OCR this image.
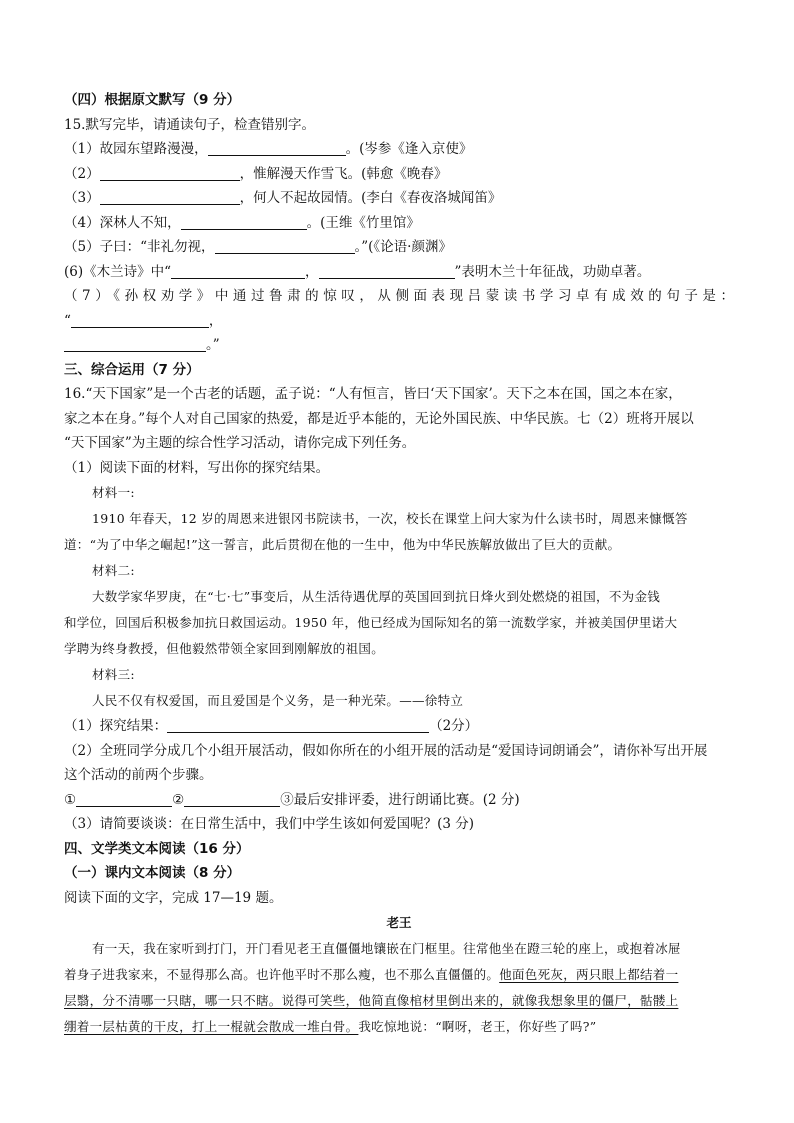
（四）根据原文默写（9 分）
15.默写完毕，请通读句子，检查错别字。
（1）故园东望路漫漫，	。(岑参《逢入京使》
（2）	，惟解漫天作雪飞。(韩愈《晚春》
（3）	，何人不起故园情。(李白《春夜洛城闻笛》
（4）深林人不知，	。(王维《竹里馆》
（5）子曰：“非礼勿视，	。”(《论语·颜渊》
(6)《木兰诗》中“	，	”表明木兰十年征战，功勋卓著。
（7）《孙权劝学》中通过鲁肃的惊叹，从侧面表现吕蒙读书学习卓有成效的句子是：
“	，
。”
三、综合运用（7 分）
16.“天下国家”是一个古老的话题，孟子说：“人有恒言，皆曰‘天下国家’。天下之本在国，国之本在家，
家之本在身。”每个人对自己国家的热爱，都是近乎本能的，无论外国民族、中华民族。七（2）班将开展以
“天下国家”为主题的综合性学习活动，请你完成下列任务。
（1）阅读下面的材料，写出你的探究结果。
材料一:
1910 年春天，12 岁的周恩来进银冈书院读书，一次，校长在课堂上问大家为什么读书时，周恩来慷慨答
道：“为了中华之崛起!”这一誓言，此后贯彻在他的一生中，他为中华民族解放做出了巨大的贡献。
材料二:
大数学家华罗庚，在“七·七”事变后，从生活待遇优厚的英国回到抗日烽火到处燃烧的祖国，不为金钱
和学位，回国后积极参加抗日救国运动。1950 年，他已经成为国际知名的第一流数学家，并被美国伊里诺大
学聘为终身教授，但他毅然带领全家回到刚解放的祖国。
材料三:
人民不仅有权爱国，而且爱国是个义务，是一种光荣。——徐特立
（1）探究结果：	（2分）
（2）全班同学分成几个小组开展活动，假如你所在的小组开展的活动是“爱国诗词朗诵会”，请你补写出开展
这个活动的前两个步骤。
①	②	③最后安排评委，进行朗诵比赛。(2 分)
（3）请简要谈谈：在日常生活中，我们中学生该如何爱国呢？(3 分)
四、文学类文本阅读（16 分）
（一）课内文本阅读（8 分）
阅读下面的文字，完成 17—19 题。
老王
有一天，我在家听到打门，开门看见老王直僵僵地镶嵌在门框里。往常他坐在蹬三轮的座上，或抱着冰屉
着身子进我家来，不显得那么高。也许他平时不那么瘦，也不那么直僵僵的。他面色死灰，两只眼上都结着一
层翳，分不清哪一只瞎，哪一只不瞎。说得可笑些，他简直像棺材里倒出来的，就像我想象里的僵尸，骷髅上
绷着一层枯黄的干皮，打上一棍就会散成一堆白骨。我吃惊地说：“啊呀，老王，你好些了吗?”
